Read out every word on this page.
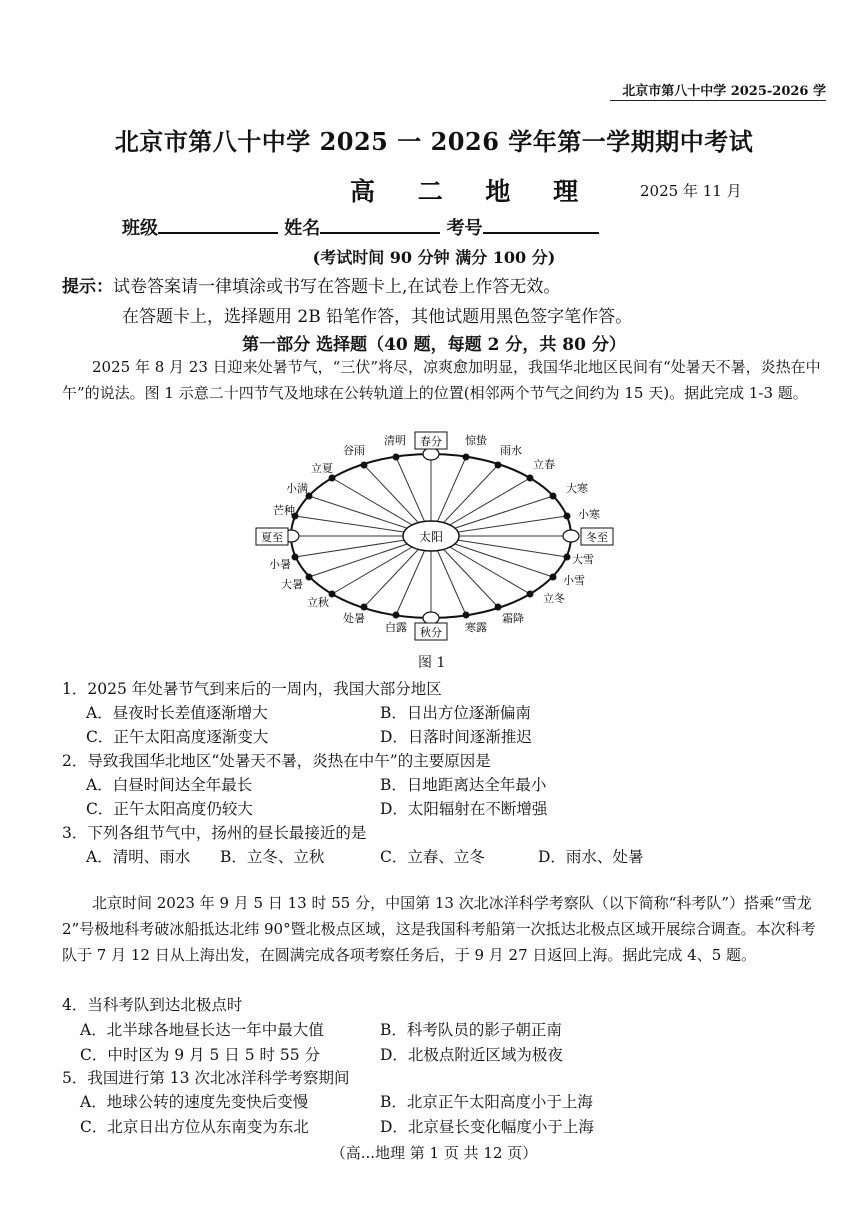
北京市第八十中学 2025-2026 学
北京市第八十中学 2025 一 2026 学年第一学期期中考试
高 二 地 理	2025 年 11 月
班级	姓名	考号
(考试时间 90 分钟 满分 100 分)
提示：试卷答案请一律填涂或书写在答题卡上,在试卷上作答无效。
在答题卡上，选择题用 2B 铅笔作答，其他试题用黑色签字笔作答。
第一部分 选择题（40 题，每题 2 分，共 80 分）
2025 年 8 月 23 日迎来处暑节气，“三伏”将尽，凉爽愈加明显，我国华北地区民间有“处暑天不暑，炎热在中午”的说法。图 1 示意二十四节气及地球在公转轨道上的位置(相邻两个节气之间约为 15 天)。据此完成 1-3 题。
太阳
春分
秋分
夏至	冬至
立夏
谷雨
清明	惊蛰
雨水
立春
大寒
小寒
大雪
小雪
立冬
立秋
处暑
白露	寒露
霜降
小满
芒种
小暑
大暑
图 1
1．2025 年处暑节气到来后的一周内，我国大部分地区
A．昼夜时长差值逐渐增大	B．日出方位逐渐偏南
C．正午太阳高度逐渐变大	D．日落时间逐渐推迟
2．导致我国华北地区“处暑天不暑，炎热在中午”的主要原因是
A．白昼时间达全年最长	B．日地距离达全年最小
C．正午太阳高度仍较大	D．太阳辐射在不断增强
3．下列各组节气中，扬州的昼长最接近的是
A．清明、雨水 B．立冬、立秋	C．立春、立冬	D．雨水、处暑
北京时间 2023 年 9 月 5 日 13 时 55 分，中国第 13 次北冰洋科学考察队（以下简称“科考队”）搭乘“雪龙 2”号极地科考破冰船抵达北纬 90°暨北极点区域，这是我国科考船第一次抵达北极点区域开展综合调查。本次科考队于 7 月 12 日从上海出发，在圆满完成各项考察任务后，于 9 月 27 日返回上海。据此完成 4、5 题。
4．当科考队到达北极点时
A．北半球各地昼长达一年中最大值	B．科考队员的影子朝正南
C．中时区为 9 月 5 日 5 时 55 分	D．北极点附近区域为极夜
5．我国进行第 13 次北冰洋科学考察期间
A．地球公转的速度先变快后变慢	B．北京正午太阳高度小于上海
C．北京日出方位从东南变为东北	D．北京昼长变化幅度小于上海
（高...地理 第 1 页 共 12 页）
